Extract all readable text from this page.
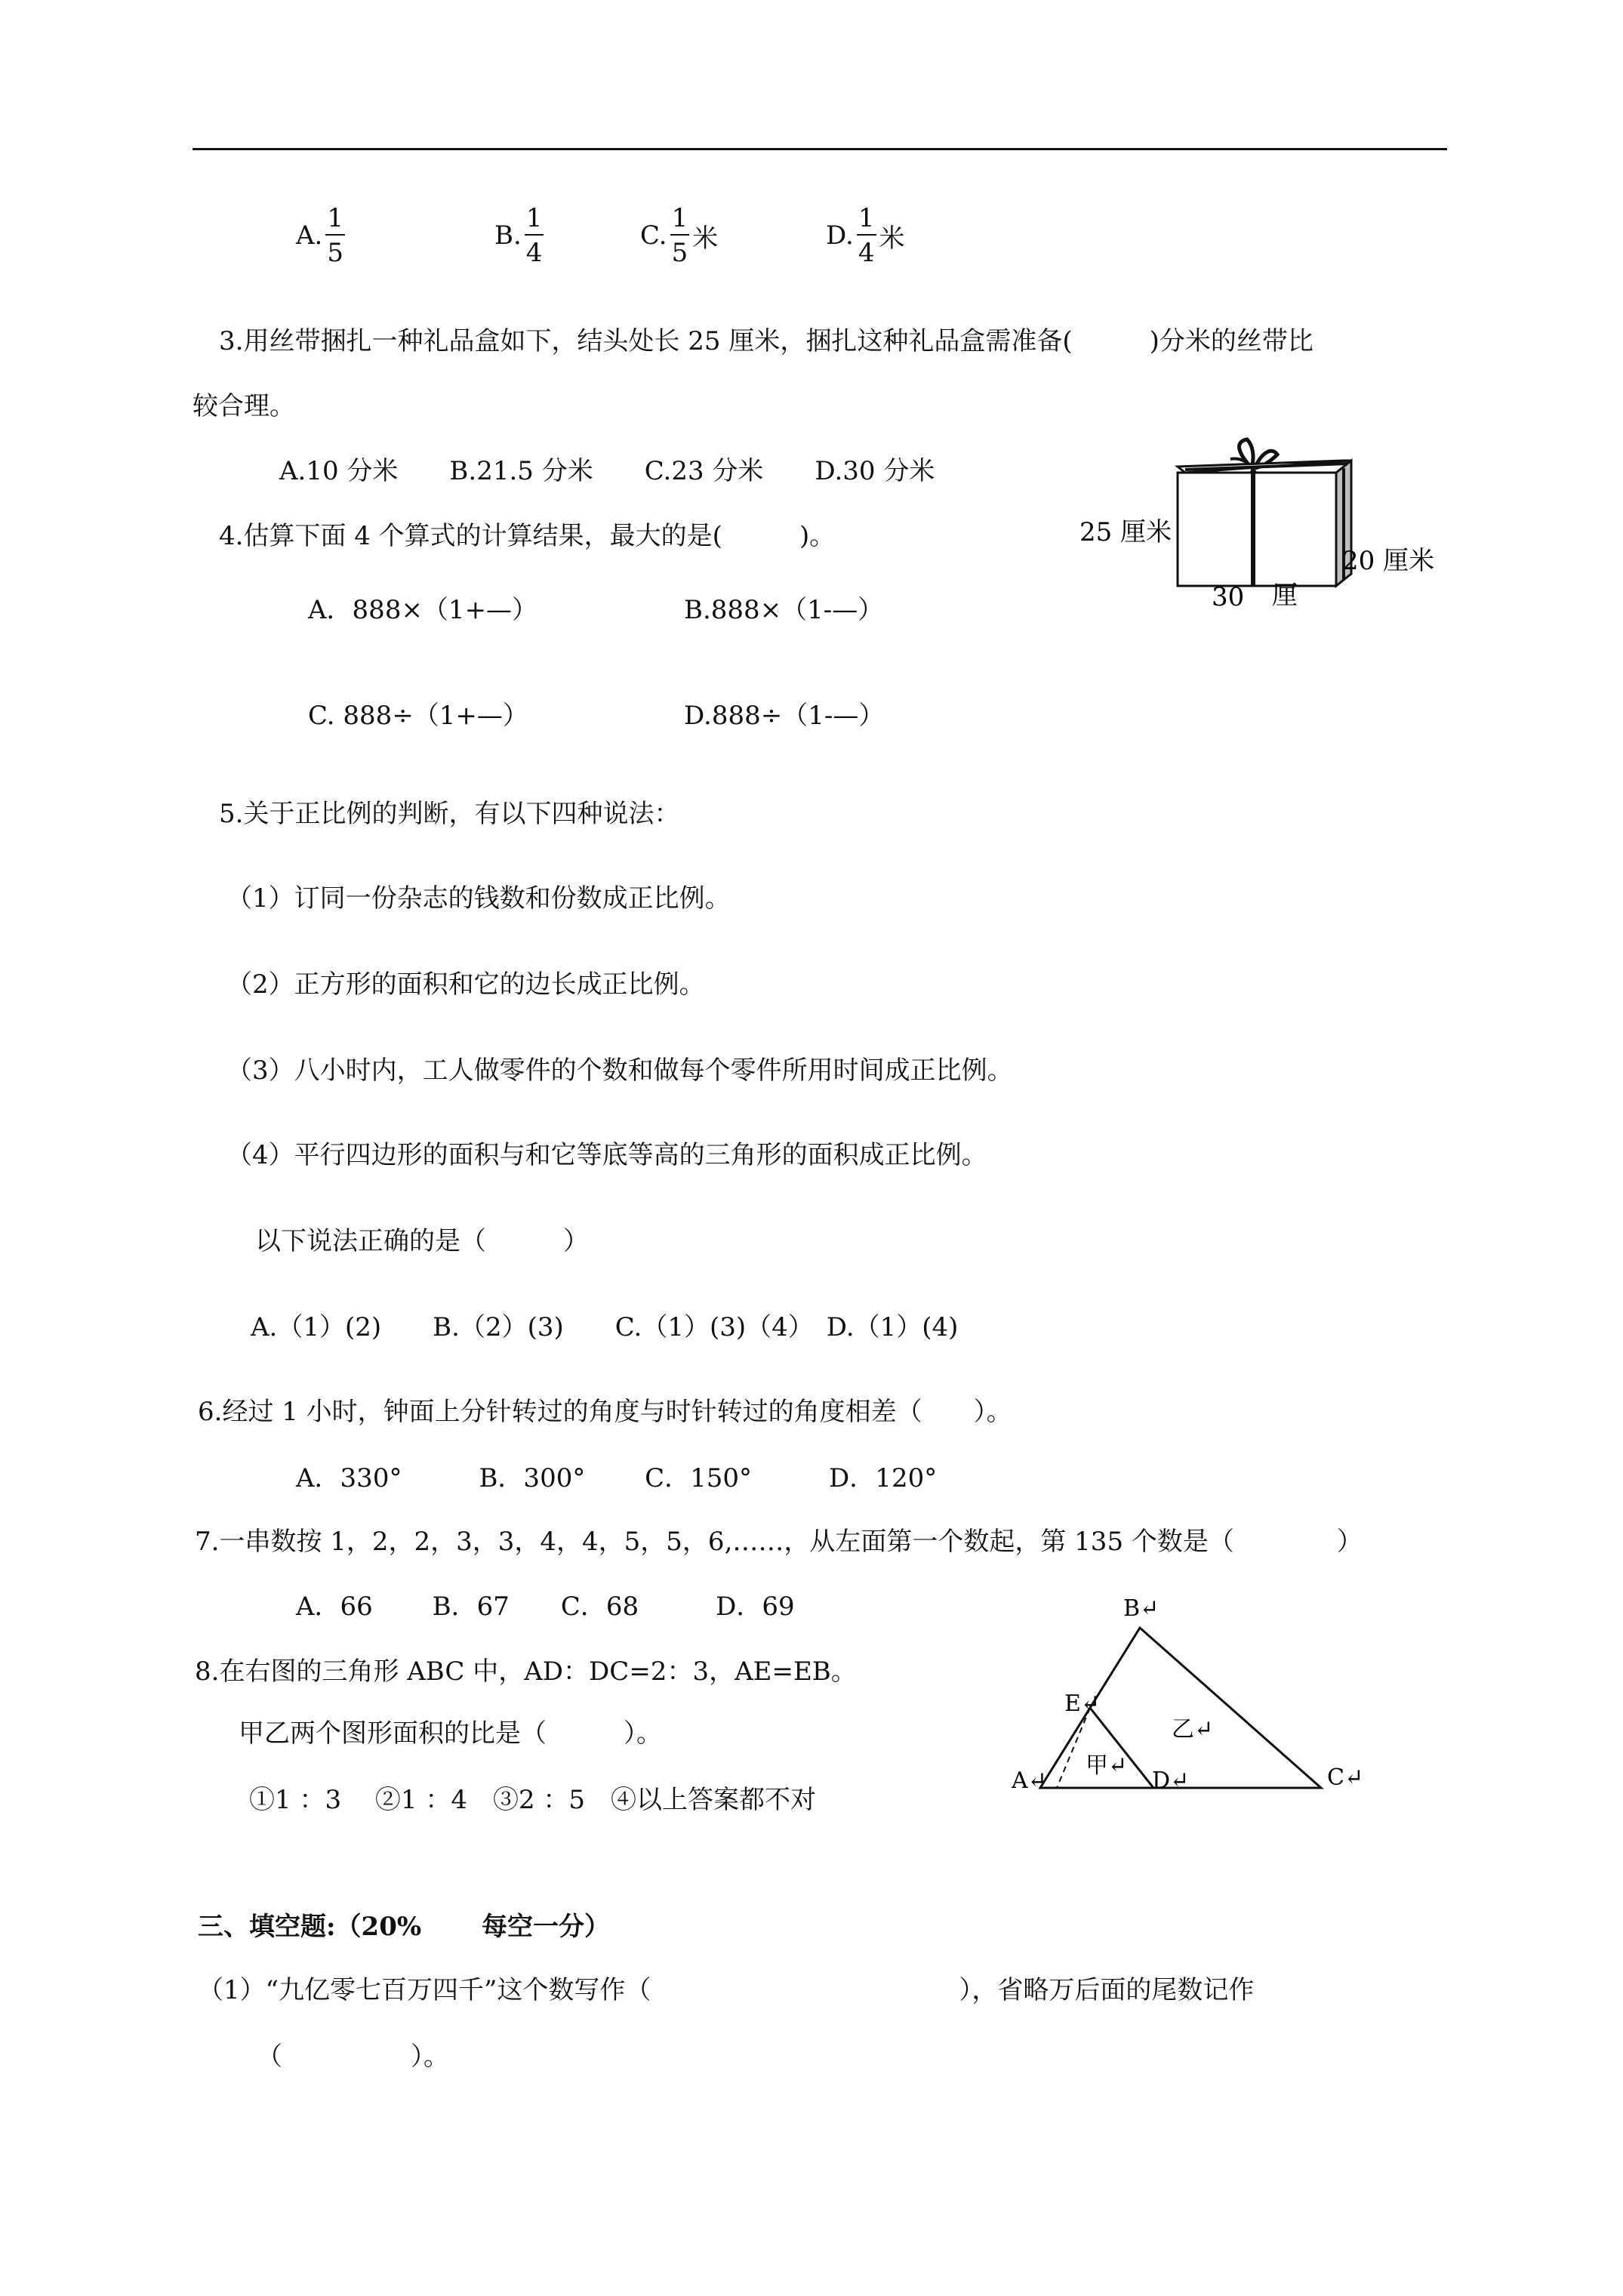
A. $\frac{1}{5}$	B. $\frac{1}{4}$	C. $\frac{1}{5}$ 米	D. $\frac{1}{4}$ 米
3.用丝带捆扎一种礼品盒如下，结头处长 25 厘米，捆扎这种礼品盒需准备(　　　)分米的丝带比
较合理。
A.10 分米　　B.21.5 分米　　C.23 分米　　D.30 分米
25 厘米
20 厘米
30 厘
4.估算下面 4 个算式的计算结果，最大的是(　　　)。
A．888×（1+—）	B.888×（1-—）
C. 888÷（1+—）	D.888÷（1-—）
5.关于正比例的判断，有以下四种说法：
（1）订同一份杂志的钱数和份数成正比例。
（2）正方形的面积和它的边长成正比例。
（3）八小时内，工人做零件的个数和做每个零件所用时间成正比例。
（4）平行四边形的面积与和它等底等高的三角形的面积成正比例。
以下说法正确的是（　　　）
A.（1）(2)　　B.（2）(3)　　C.（1）(3)（4）　D.（1）(4)
6.经过 1 小时，钟面上分针转过的角度与时针转过的角度相差（　　）。
A．330°　　　B．300°　　 C．150°　　　D．120°
7.一串数按 1，2，2，3，3，4，4，5，5，6,……，从左面第一个数起，第 135 个数是（　　　　）
A．66　　 B．67　　C．68　　　D．69
8.在右图的三角形 ABC 中，AD：DC=2：3，AE=EB。
甲乙两个图形面积的比是（　　　）。
①1 ：3　 ②1 ：4　③2 ：5　④以上答案都不对
B↵
E↵
A↵	D↵	C↵
甲↵
乙↵
三、填空题:（20%　　 每空一分）
（1）“九亿零七百万四千”这个数写作（　　　　　　　　　　　　），省略万后面的尾数记作
（　　　　　）。
